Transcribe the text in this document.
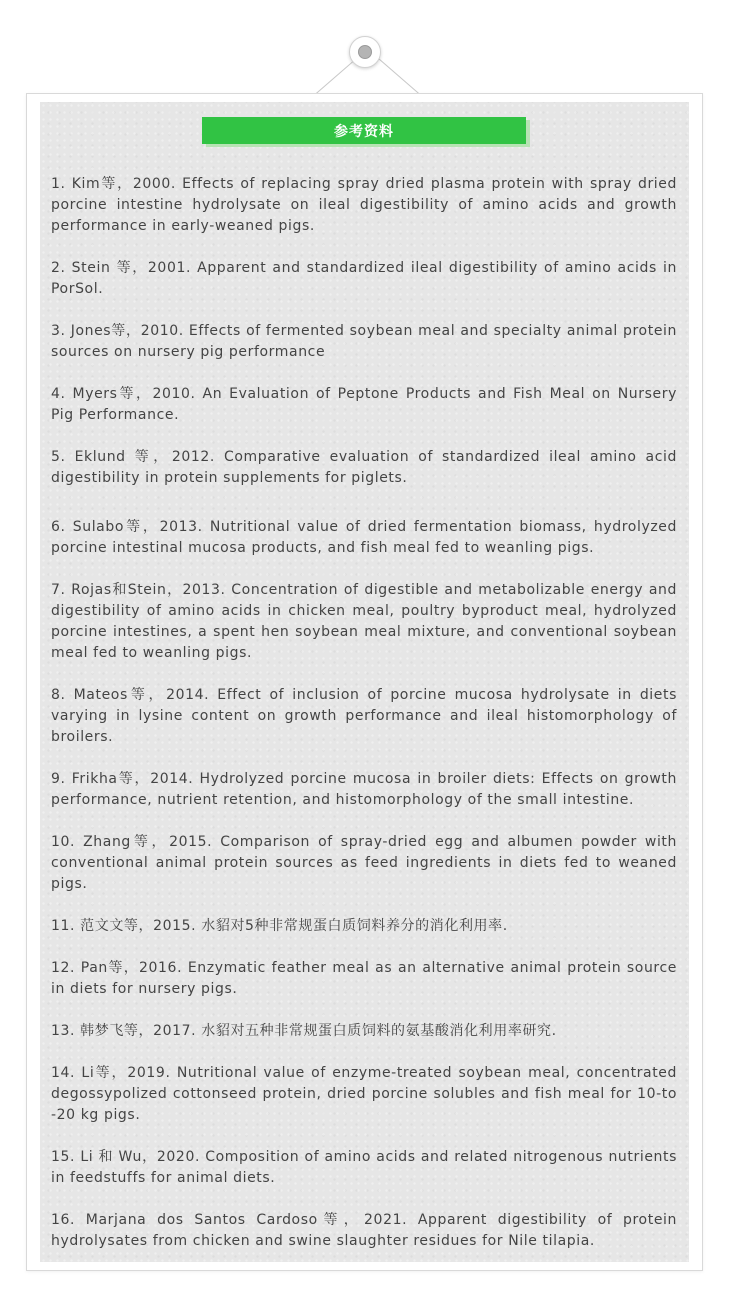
参考资料

1. Kim等，2000. Effects of replacing spray dried plasma protein with spray dried porcine intestine hydrolysate on ileal digestibility of amino acids and growth performance in early-weaned pigs.

2. Stein 等，2001. Apparent and standardized ileal digestibility of amino acids in PorSol.

3. Jones等，2010. Effects of fermented soybean meal and specialty animal protein sources on nursery pig performance

4. Myers等，2010. An Evaluation of Peptone Products and Fish Meal on Nursery Pig Performance.

5. Eklund 等，2012. Comparative evaluation of standardized ileal amino acid digestibility in protein supplements for piglets.

6. Sulabo等，2013. Nutritional value of dried fermentation biomass, hydrolyzed porcine intestinal mucosa products, and fish meal fed to weanling pigs.

7. Rojas和Stein，2013. Concentration of digestible and metabolizable energy and digestibility of amino acids in chicken meal, poultry byproduct meal, hydrolyzed porcine intestines, a spent hen soybean meal mixture, and conventional soybean meal fed to weanling pigs.

8. Mateos等，2014. Effect of inclusion of porcine mucosa hydrolysate in diets varying in lysine content on growth performance and ileal histomorphology of broilers.

9. Frikha等，2014. Hydrolyzed porcine mucosa in broiler diets: Effects on growth performance, nutrient retention, and histomorphology of the small intestine.

10. Zhang等，2015. Comparison of spray-dried egg and albumen powder with conventional animal protein sources as feed ingredients in diets fed to weaned pigs.

11. 范文文等，2015. 水貂对5种非常规蛋白质饲料养分的消化利用率.

12. Pan等，2016. Enzymatic feather meal as an alternative animal protein source in diets for nursery pigs.

13. 韩梦飞等，2017. 水貂对五种非常规蛋白质饲料的氨基酸消化利用率研究.

14. Li等，2019. Nutritional value of enzyme-treated soybean meal, concentrated degossypolized cottonseed protein, dried porcine solubles and fish meal for 10-to -20 kg pigs.

15. Li 和 Wu，2020. Composition of amino acids and related nitrogenous nutrients in feedstuffs for animal diets.

16. Marjana dos Santos Cardoso等，2021. Apparent digestibility of protein hydrolysates from chicken and swine slaughter residues for Nile tilapia.
